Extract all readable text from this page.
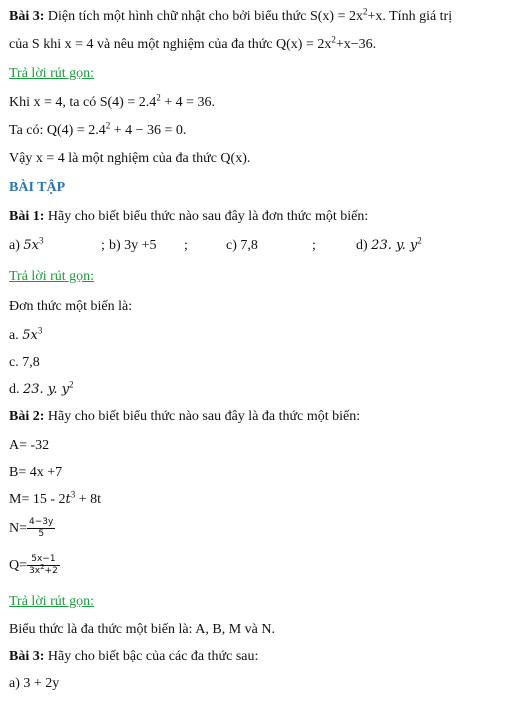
Bài 3: Diện tích một hình chữ nhật cho bởi biểu thức $S(x) = 2x^2+x$. Tính giá trị
của S khi x = 4 và nêu một nghiệm của đa thức $Q(x) = 2x^2+x-36$.
Trả lời rút gọn:
Khi x = 4, ta có $S(4) = 2.4^2 + 4 = 36$.
Ta có: $Q(4) = 2.4^2 + 4 - 36 = 0$.
Vậy x = 4 là một nghiệm của đa thức Q(x).
BÀI TẬP
Bài 1: Hãy cho biết biểu thức nào sau đây là đơn thức một biến:
a) $5x^3$	; b) 3y +5 ;	c) 7,8	;	d) 23. y. $y^2$
Trả lời rút gọn:
Đơn thức một biến là:
a. $5x^3$
c. 7,8
d. 23. y. $y^2$
Bài 2: Hãy cho biết biểu thức nào sau đây là đa thức một biến:
A= -32
B= 4x +7
$M= 15 - 2t^3 + 8t$
$N= \frac{4-3y}{5}$
$Q= \frac{5x-1}{3x^2+2}$
Trả lời rút gọn:
Biểu thức là đa thức một biến là: A, B, M và N.
Bài 3: Hãy cho biết bậc của các đa thức sau:
a) 3 + 2y
